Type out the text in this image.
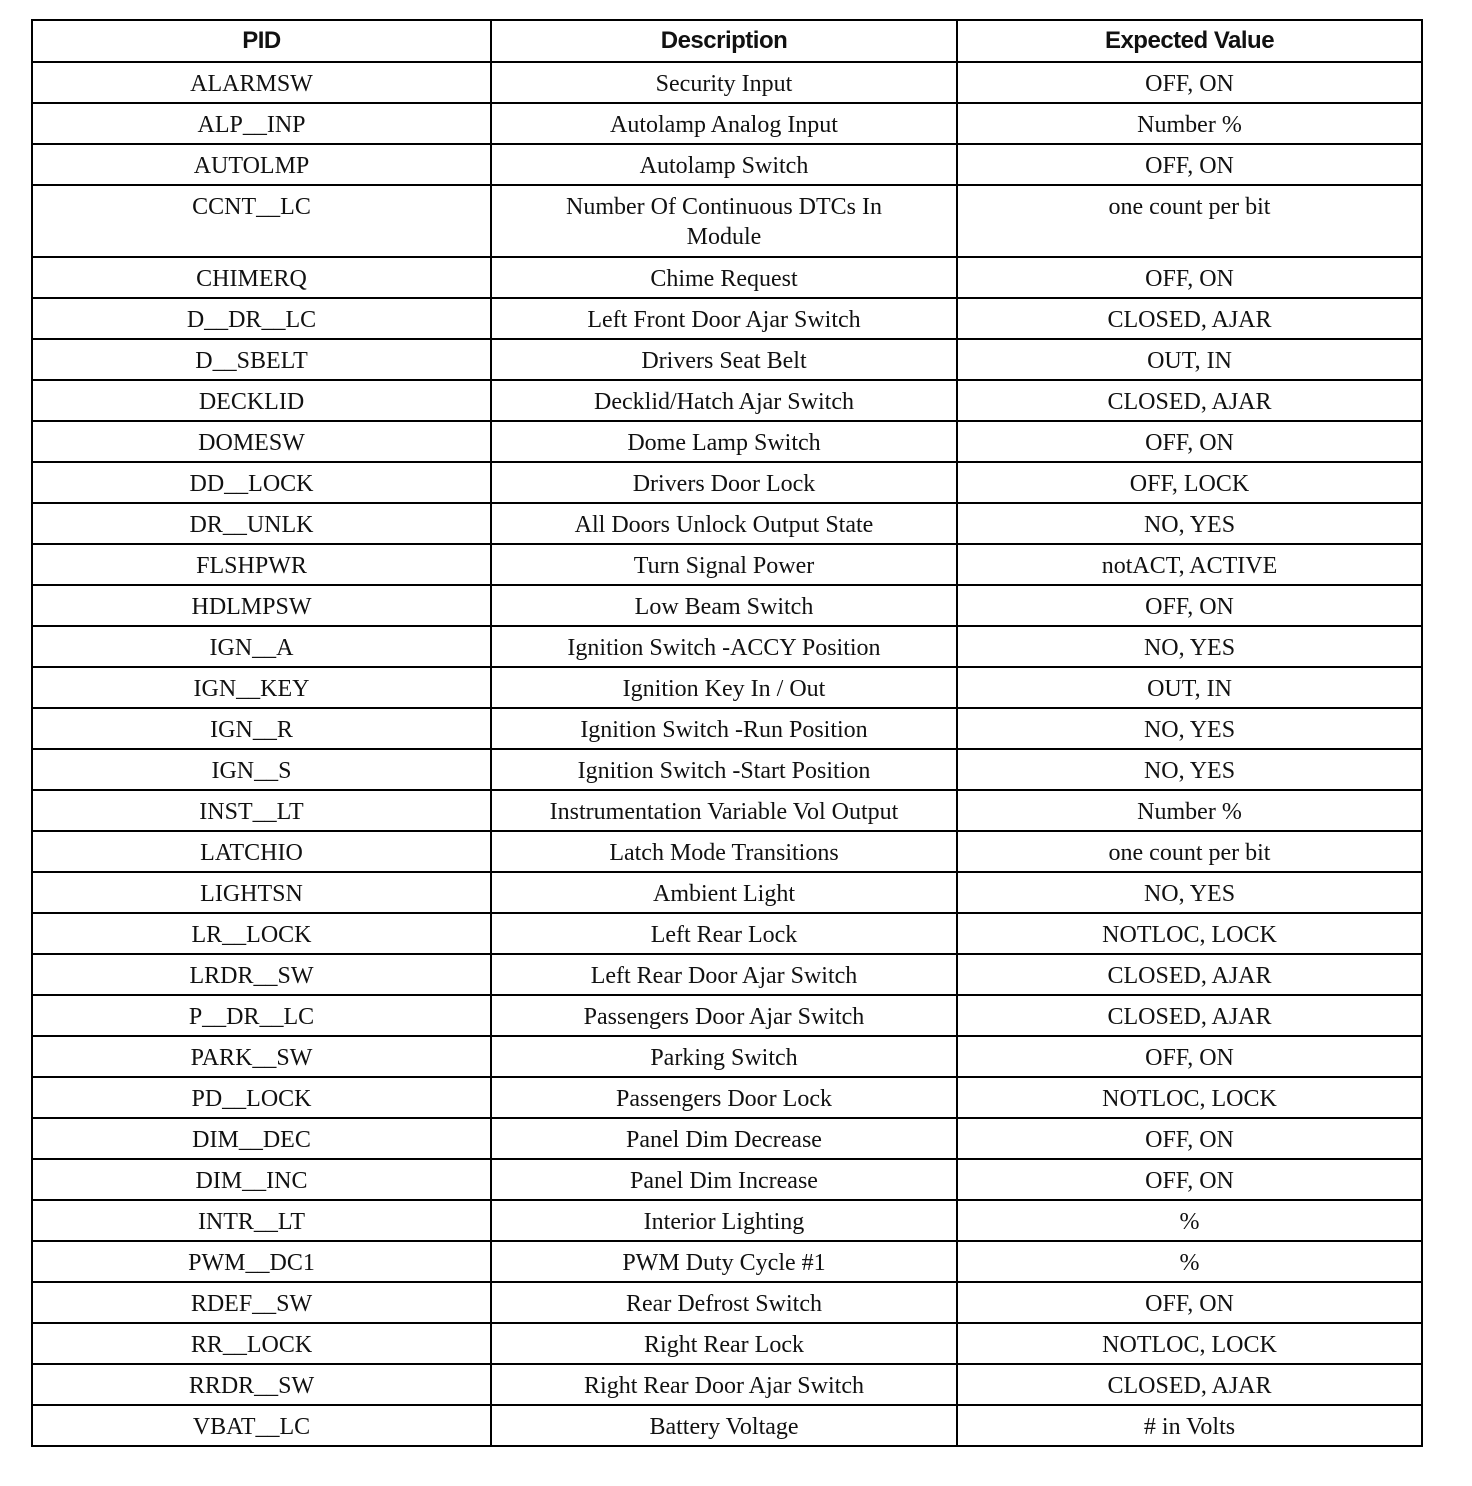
PID	Description	Expected Value
ALARMSW	Security Input	OFF, ON
ALP__INP	Autolamp Analog Input	Number %
AUTOLMP	Autolamp Switch	OFF, ON
CCNT__LC	Number Of Continuous DTCs In Module	one count per bit
CHIMERQ	Chime Request	OFF, ON
D__DR__LC	Left Front Door Ajar Switch	CLOSED, AJAR
D__SBELT	Drivers Seat Belt	OUT, IN
DECKLID	Decklid/Hatch Ajar Switch	CLOSED, AJAR
DOMESW	Dome Lamp Switch	OFF, ON
DD__LOCK	Drivers Door Lock	OFF, LOCK
DR__UNLK	All Doors Unlock Output State	NO, YES
FLSHPWR	Turn Signal Power	notACT, ACTIVE
HDLMPSW	Low Beam Switch	OFF, ON
IGN__A	Ignition Switch -ACCY Position	NO, YES
IGN__KEY	Ignition Key In / Out	OUT, IN
IGN__R	Ignition Switch -Run Position	NO, YES
IGN__S	Ignition Switch -Start Position	NO, YES
INST__LT	Instrumentation Variable Vol Output	Number %
LATCHIO	Latch Mode Transitions	one count per bit
LIGHTSN	Ambient Light	NO, YES
LR__LOCK	Left Rear Lock	NOTLOC, LOCK
LRDR__SW	Left Rear Door Ajar Switch	CLOSED, AJAR
P__DR__LC	Passengers Door Ajar Switch	CLOSED, AJAR
PARK__SW	Parking Switch	OFF, ON
PD__LOCK	Passengers Door Lock	NOTLOC, LOCK
DIM__DEC	Panel Dim Decrease	OFF, ON
DIM__INC	Panel Dim Increase	OFF, ON
INTR__LT	Interior Lighting	%
PWM__DC1	PWM Duty Cycle #1	%
RDEF__SW	Rear Defrost Switch	OFF, ON
RR__LOCK	Right Rear Lock	NOTLOC, LOCK
RRDR__SW	Right Rear Door Ajar Switch	CLOSED, AJAR
VBAT__LC	Battery Voltage	# in Volts
